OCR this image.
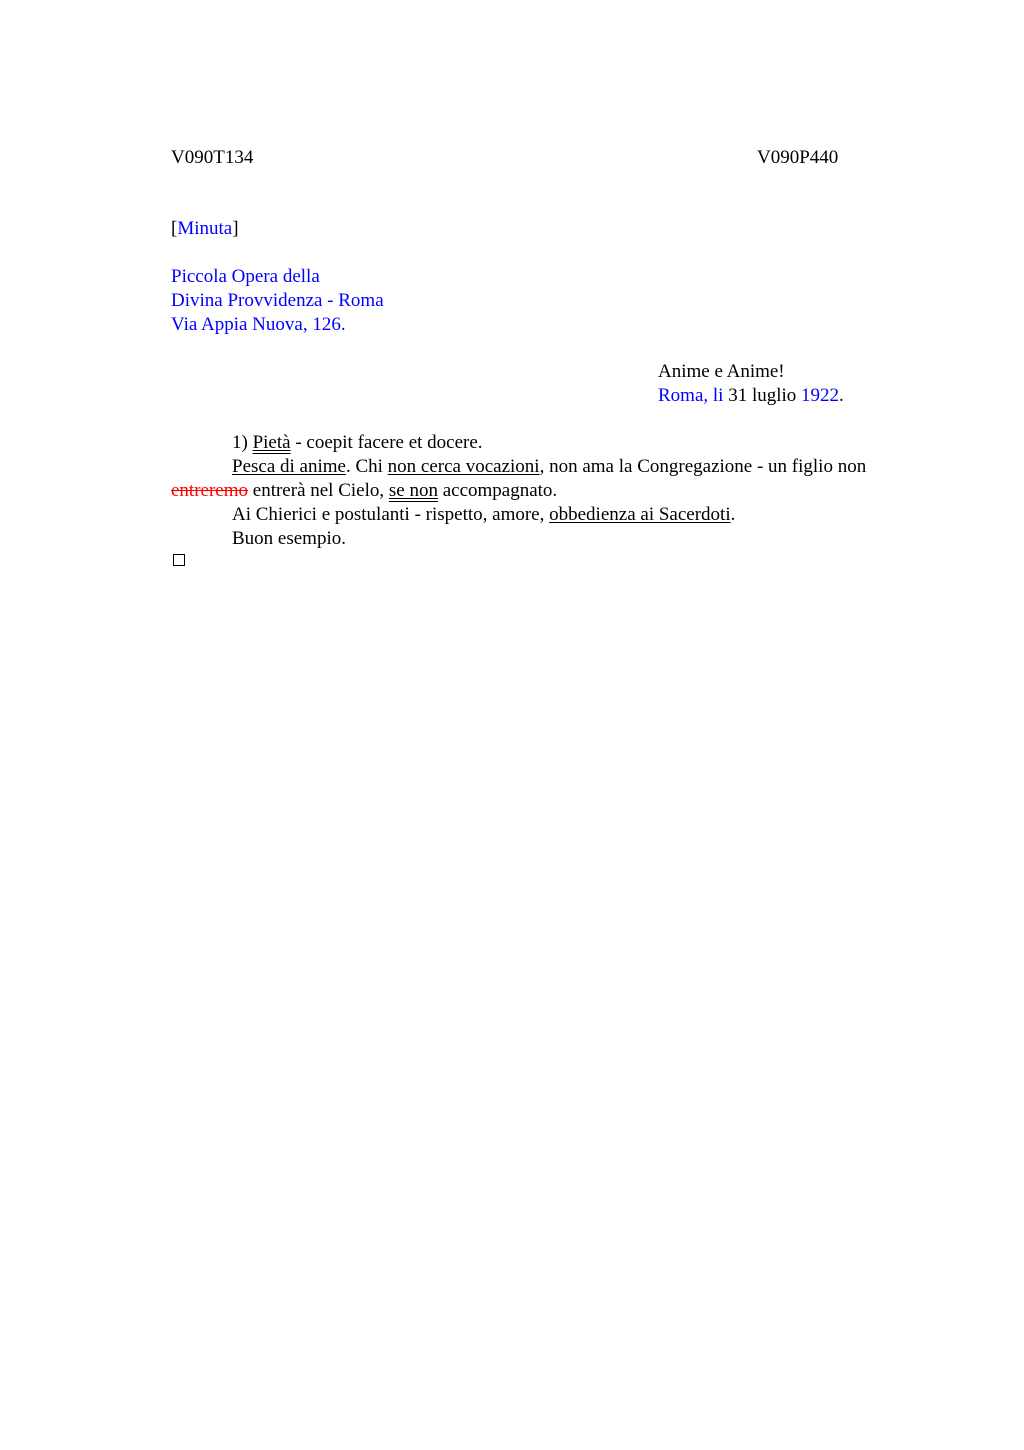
V090T134	V090P440
[Minuta]
Piccola Opera della
Divina Provvidenza - Roma
Via Appia Nuova, 126.
Anime e Anime!
Roma, li 31 luglio 1922.
1) Pietà - coepit facere et docere.
Pesca di anime. Chi non cerca vocazioni, non ama la Congregazione - un figlio non
entreremo entrerà nel Cielo, se non accompagnato.
Ai Chierici e postulanti - rispetto, amore, obbedienza ai Sacerdoti.
Buon esempio.
